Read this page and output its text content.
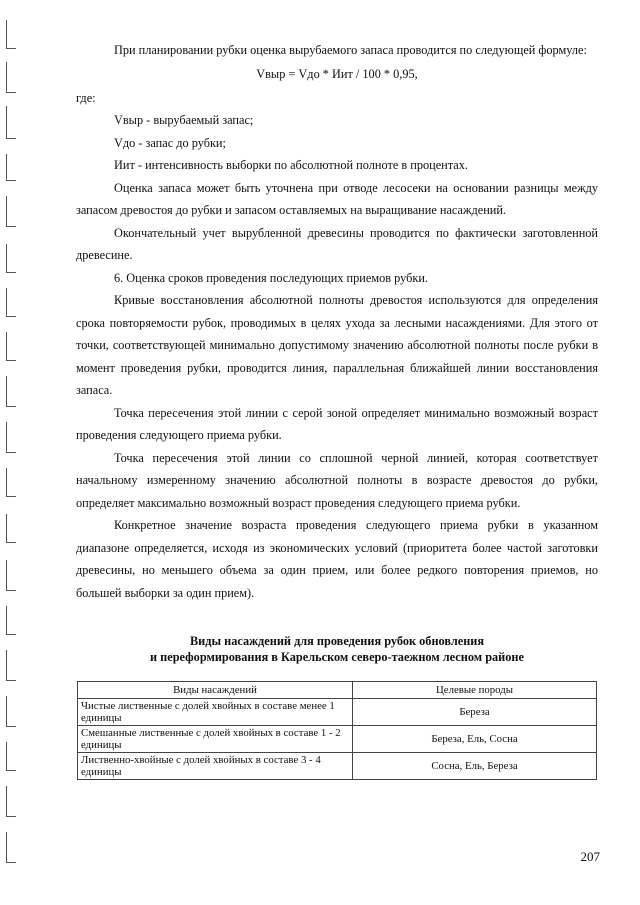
При планировании рубки оценка вырубаемого запаса проводится по следующей формуле:

Vвыр = Vдо * Иит / 100 * 0,95,

где:

Vвыр - вырубаемый запас;

Vдо - запас до рубки;

Иит - интенсивность выборки по абсолютной полноте в процентах.

Оценка запаса может быть уточнена при отводе лесосеки на основании разницы между запасом древостоя до рубки и запасом оставляемых на выращивание насаждений.

Окончательный учет вырубленной древесины проводится по фактически заготовленной древесине.

6. Оценка сроков проведения последующих приемов рубки.

Кривые восстановления абсолютной полноты древостоя используются для определения срока повторяемости рубок, проводимых в целях ухода за лесными насаждениями. Для этого от точки, соответствующей минимально допустимому значению абсолютной полноты после рубки в момент проведения рубки, проводится линия, параллельная ближайшей линии восстановления запаса.

Точка пересечения этой линии с серой зоной определяет минимально возможный возраст проведения следующего приема рубки.

Точка пересечения этой линии со сплошной черной линией, которая соответствует начальному измеренному значению абсолютной полноты в возрасте древостоя до рубки, определяет максимально возможный возраст проведения следующего приема рубки.

Конкретное значение возраста проведения следующего приема рубки в указанном диапазоне определяется, исходя из экономических условий (приоритета более частой заготовки древесины, но меньшего объема за один прием, или более редкого повторения приемов, но большей выборки за один прием).

Виды насаждений для проведения рубок обновления
и переформирования в Карельском северо-таежном лесном районе
Виды насаждений	Целевые породы
Чистые лиственные с долей хвойных в составе менее 1 единицы	Береза
Смешанные лиственные с долей хвойных в составе 1 - 2 единицы	Береза, Ель, Сосна
Лиственно-хвойные с долей хвойных в составе 3 - 4 единицы	Сосна, Ель, Береза
207
